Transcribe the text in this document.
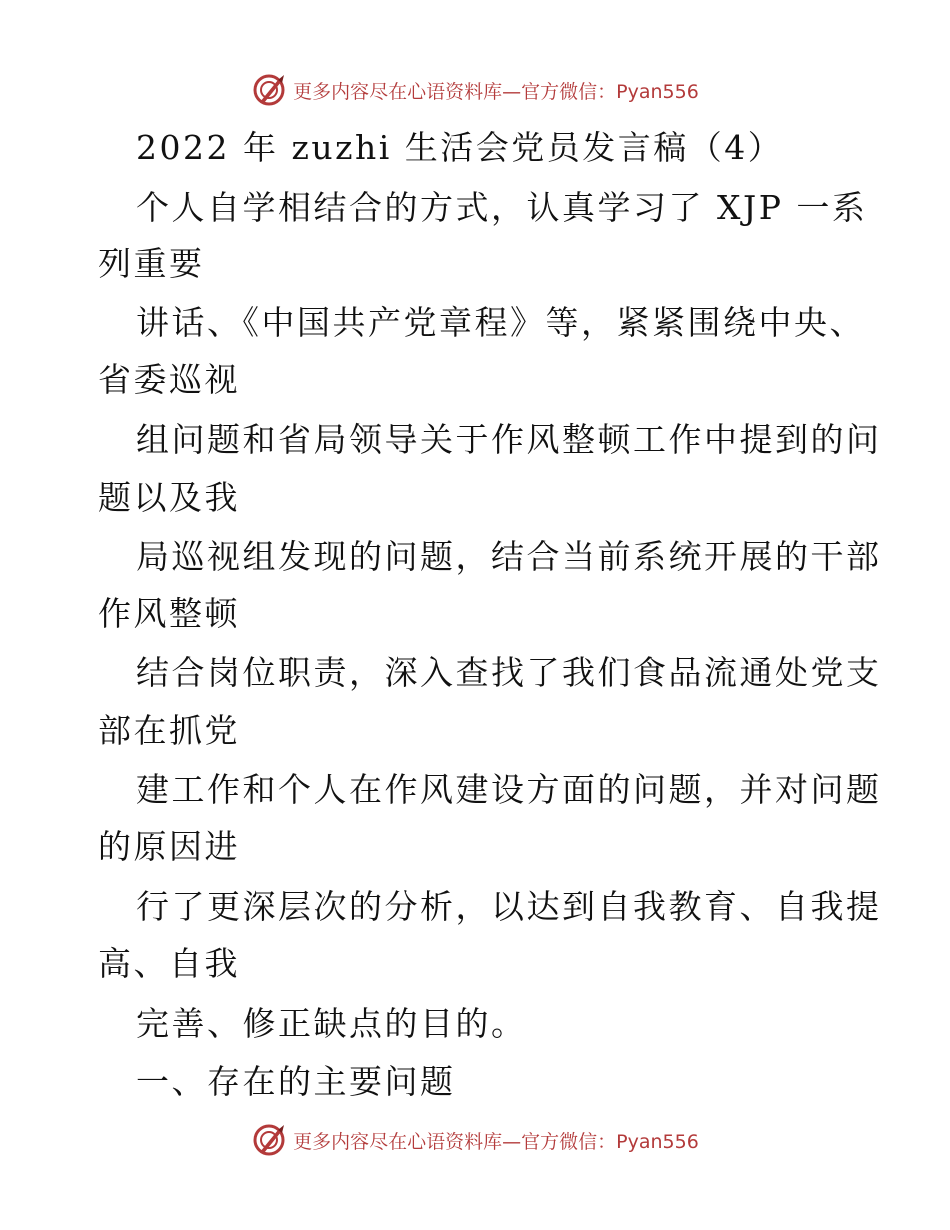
更多内容尽在心语资料库—官方微信：Pyan556
2022 年 zuzhi 生活会党员发言稿（4）
个人自学相结合的方式，认真学习了 XJP 一系
列重要
讲话、《中国共产党章程》等，紧紧围绕中央、
省委巡视
组问题和省局领导关于作风整顿工作中提到的问
题以及我
局巡视组发现的问题，结合当前系统开展的干部
作风整顿
结合岗位职责，深入查找了我们食品流通处党支
部在抓党
建工作和个人在作风建设方面的问题，并对问题
的原因进
行了更深层次的分析，以达到自我教育、自我提
高、自我
完善、修正缺点的目的。
一、存在的主要问题
更多内容尽在心语资料库—官方微信：Pyan556
